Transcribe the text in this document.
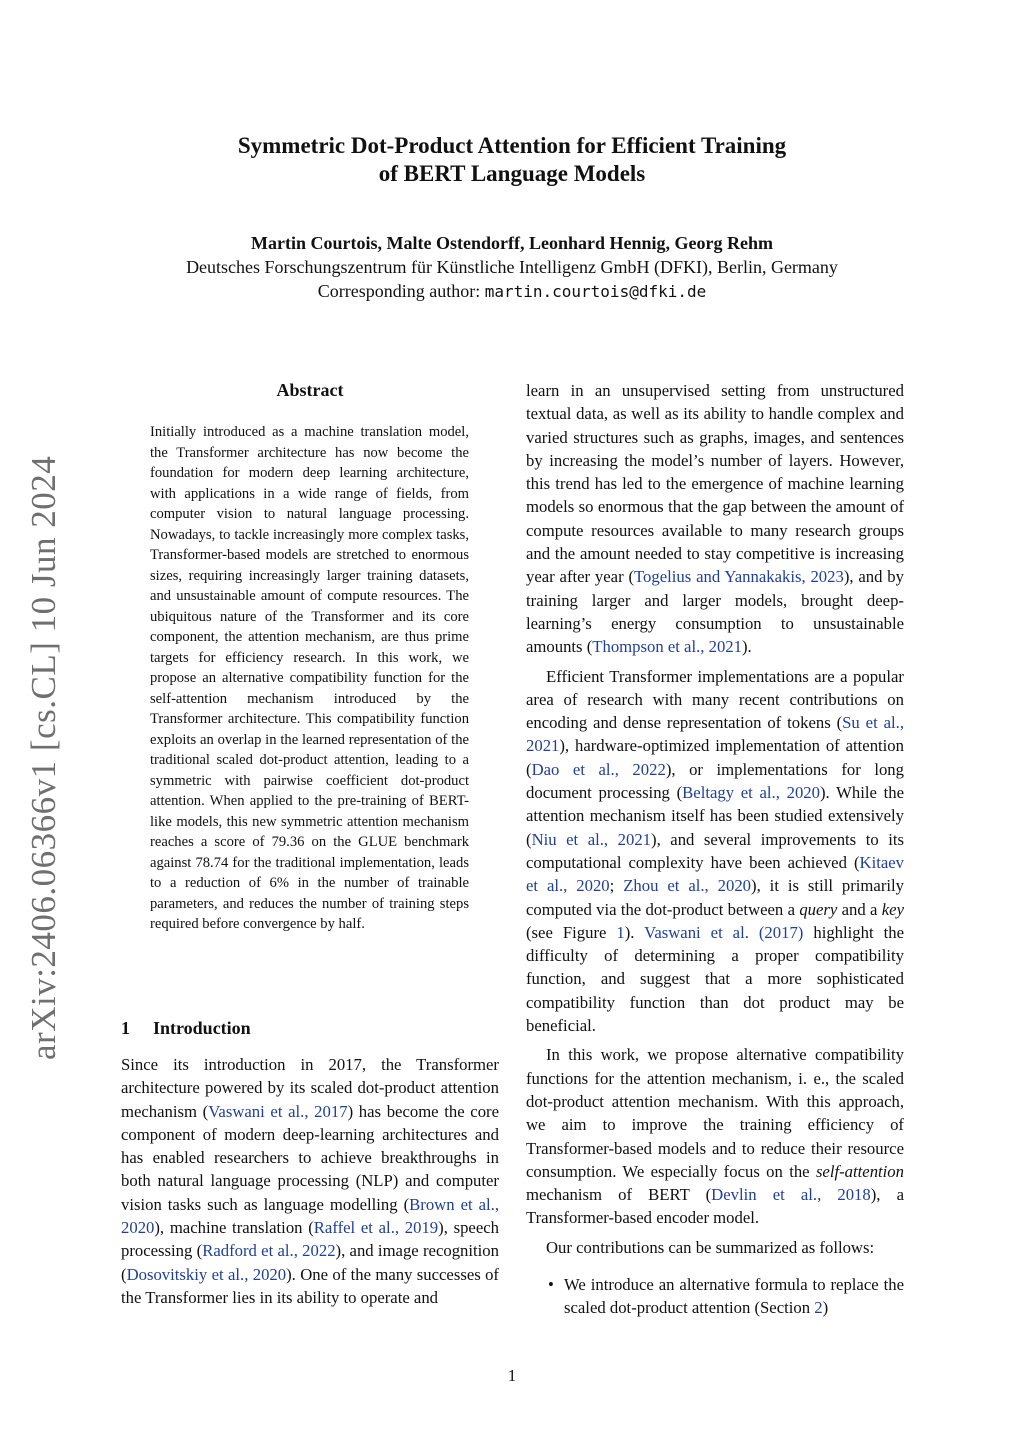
arXiv:2406.06366v1 [cs.CL] 10 Jun 2024
Symmetric Dot-Product Attention for Efficient Training
of BERT Language Models
Martin Courtois, Malte Ostendorff, Leonhard Hennig, Georg Rehm
Deutsches Forschungszentrum für Künstliche Intelligenz GmbH (DFKI), Berlin, Germany
Corresponding author: martin.courtois@dfki.de
Abstract
Initially introduced as a machine translation model, the Transformer architecture has now become the foundation for modern deep learning architecture, with applications in a wide range of fields, from computer vision to natural language processing. Nowadays, to tackle increasingly more complex tasks, Transformer-based models are stretched to enormous sizes, requiring increasingly larger training datasets, and unsustainable amount of compute resources. The ubiquitous nature of the Transformer and its core component, the attention mechanism, are thus prime targets for efficiency research. In this work, we propose an alternative compatibility function for the self-attention mechanism introduced by the Transformer architecture. This compatibility function exploits an overlap in the learned representation of the traditional scaled dot-product attention, leading to a symmetric with pairwise coefficient dot-product attention. When applied to the pre-training of BERT-like models, this new symmetric attention mechanism reaches a score of 79.36 on the GLUE benchmark against 78.74 for the traditional implementation, leads to a reduction of 6% in the number of trainable parameters, and reduces the number of training steps required before convergence by half.
1 Introduction
Since its introduction in 2017, the Transformer architecture powered by its scaled dot-product attention mechanism (Vaswani et al., 2017) has become the core component of modern deep-learning architectures and has enabled researchers to achieve breakthroughs in both natural language processing (NLP) and computer vision tasks such as language modelling (Brown et al., 2020), machine translation (Raffel et al., 2019), speech processing (Radford et al., 2022), and image recognition (Dosovitskiy et al., 2020). One of the many successes of the Transformer lies in its ability to operate and

learn in an unsupervised setting from unstructured textual data, as well as its ability to handle complex and varied structures such as graphs, images, and sentences by increasing the model’s number of layers. However, this trend has led to the emergence of machine learning models so enormous that the gap between the amount of compute resources available to many research groups and the amount needed to stay competitive is increasing year after year (Togelius and Yannakakis, 2023), and by training larger and larger models, brought deep-learning’s energy consumption to unsustainable amounts (Thompson et al., 2021).

Efficient Transformer implementations are a popular area of research with many recent contributions on encoding and dense representation of tokens (Su et al., 2021), hardware-optimized implementation of attention (Dao et al., 2022), or implementations for long document processing (Beltagy et al., 2020). While the attention mechanism itself has been studied extensively (Niu et al., 2021), and several improvements to its computational complexity have been achieved (Kitaev et al., 2020; Zhou et al., 2020), it is still primarily computed via the dot-product between a query and a key (see Figure 1). Vaswani et al. (2017) highlight the difficulty of determining a proper compatibility function, and suggest that a more sophisticated compatibility function than dot product may be beneficial.

In this work, we propose alternative compatibility functions for the attention mechanism, i. e., the scaled dot-product attention mechanism. With this approach, we aim to improve the training efficiency of Transformer-based models and to reduce their resource consumption. We especially focus on the self-attention mechanism of BERT (Devlin et al., 2018), a Transformer-based encoder model.

Our contributions can be summarized as follows:

• We introduce an alternative formula to replace the scaled dot-product attention (Section 2)
1
